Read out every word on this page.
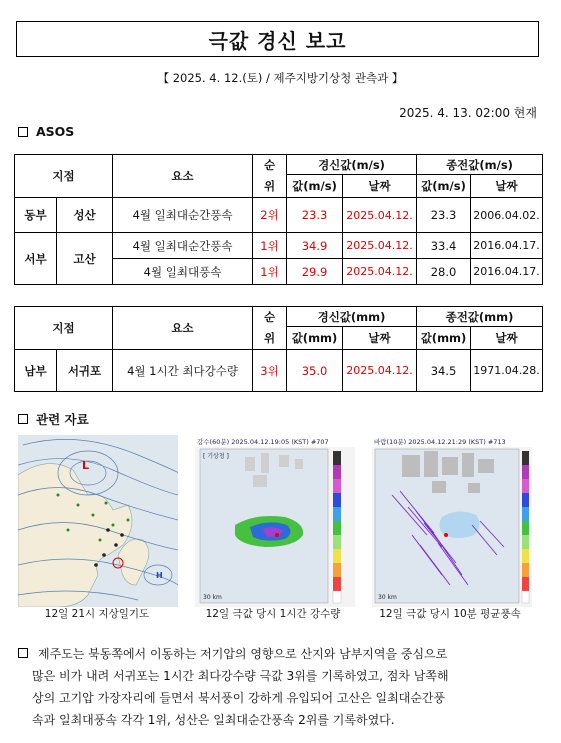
극값 경신 보고
【 2025. 4. 12.(토) / 제주지방기상청 관측과 】
2025. 4. 13. 02:00 현재
ASOS
지점		요소	순	경신값(m/s)		종전값(m/s)	
			위	값(m/s)	날짜	값(m/s)	날짜
동부	성산	4월 일최대순간풍속	2위	23.3	2025.04.12.	23.3	2006.04.02.
서부	고산	4월 일최대순간풍속	1위	34.9	2025.04.12.	33.4	2016.04.17.
		4월 일최대풍속	1위	29.9	2025.04.12.	28.0	2016.04.17.
지점		요소	순	경신값(mm)		종전값(mm)	
			위	값(mm)	날짜	값(mm)	날짜
남부	서귀포	4월 1시간 최다강수량	3위	35.0	2025.04.12.	34.5	1971.04.28.
관련 자료
L
H
강수(60분) 2025.04.12.19:05 (KST) #707
[ 기상청 ]
30 km
바람(10분) 2025.04.12.21:29 (KST) #713
30 km
12일 21시 지상일기도	12일 극값 당시 1시간 강수량	12일 극값 당시 10분 평균풍속
제주도는 북동쪽에서 이동하는 저기압의 영향으로 산지와 남부지역을 중심으로
많은 비가 내려 서귀포는 1시간 최다강수량 극값 3위를 기록하였고, 점차 남쪽해
상의 고기압 가장자리에 들면서 북서풍이 강하게 유입되어 고산은 일최대순간풍
속과 일최대풍속 각각 1위, 성산은 일최대순간풍속 2위를 기록하였다.
